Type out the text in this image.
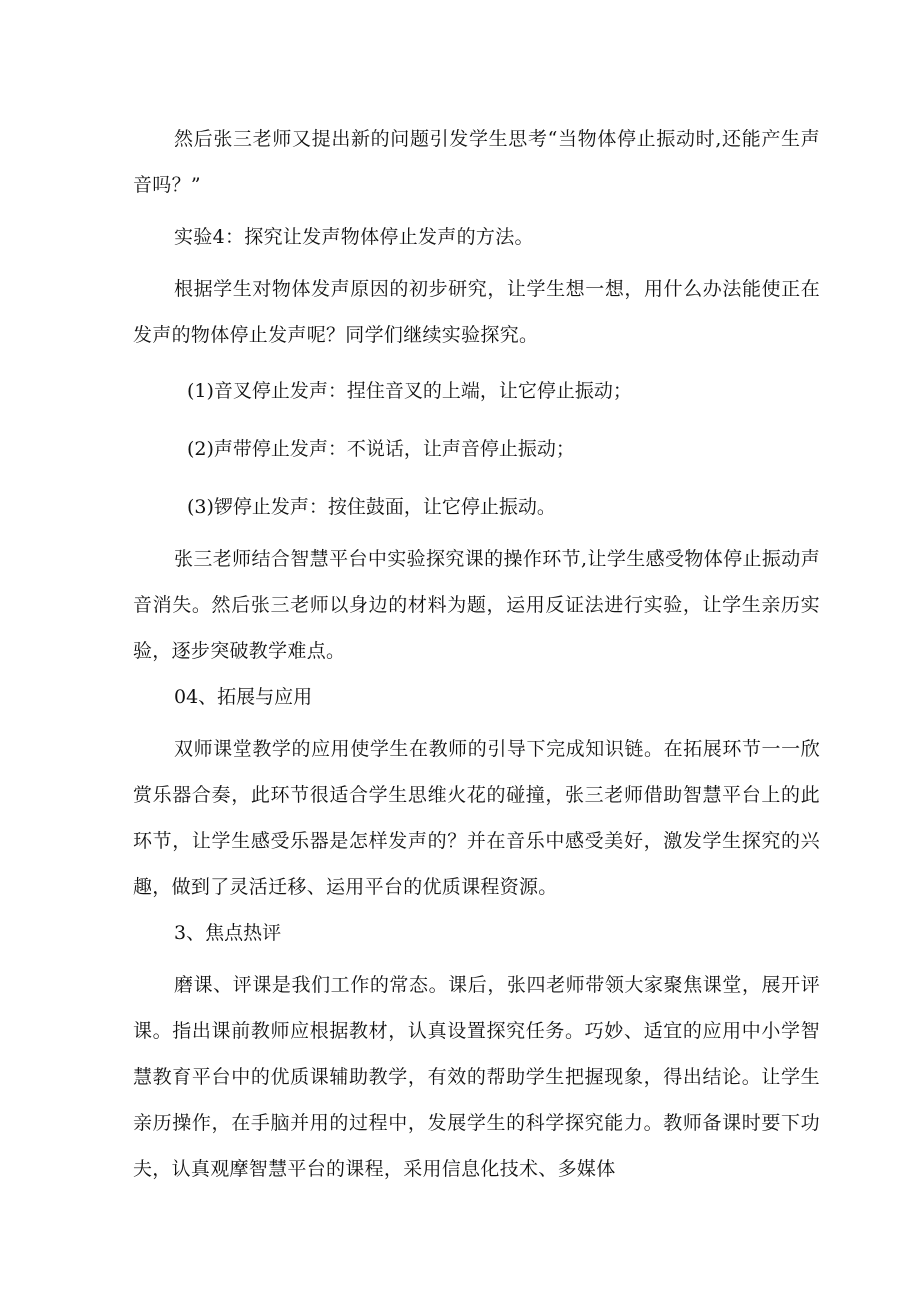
然后张三老师又提出新的问题引发学生思考“当物体停止振动时,还能产生声音吗？”

实验4：探究让发声物体停止发声的方法。

根据学生对物体发声原因的初步研究，让学生想一想，用什么办法能使正在发声的物体停止发声呢？同学们继续实验探究。

(1)音叉停止发声：捏住音叉的上端，让它停止振动；

(2)声带停止发声：不说话，让声音停止振动；

(3)锣停止发声：按住鼓面，让它停止振动。

张三老师结合智慧平台中实验探究课的操作环节,让学生感受物体停止振动声音消失。然后张三老师以身边的材料为题，运用反证法进行实验，让学生亲历实验，逐步突破教学难点。

04、拓展与应用

双师课堂教学的应用使学生在教师的引导下完成知识链。在拓展环节一一欣赏乐器合奏，此环节很适合学生思维火花的碰撞，张三老师借助智慧平台上的此环节，让学生感受乐器是怎样发声的？并在音乐中感受美好，激发学生探究的兴趣，做到了灵活迁移、运用平台的优质课程资源。

3、焦点热评

磨课、评课是我们工作的常态。课后，张四老师带领大家聚焦课堂，展开评课。指出课前教师应根据教材，认真设置探究任务。巧妙、适宜的应用中小学智慧教育平台中的优质课辅助教学，有效的帮助学生把握现象，得出结论。让学生亲历操作，在手脑并用的过程中，发展学生的科学探究能力。教师备课时要下功夫，认真观摩智慧平台的课程，采用信息化技术、多媒体
